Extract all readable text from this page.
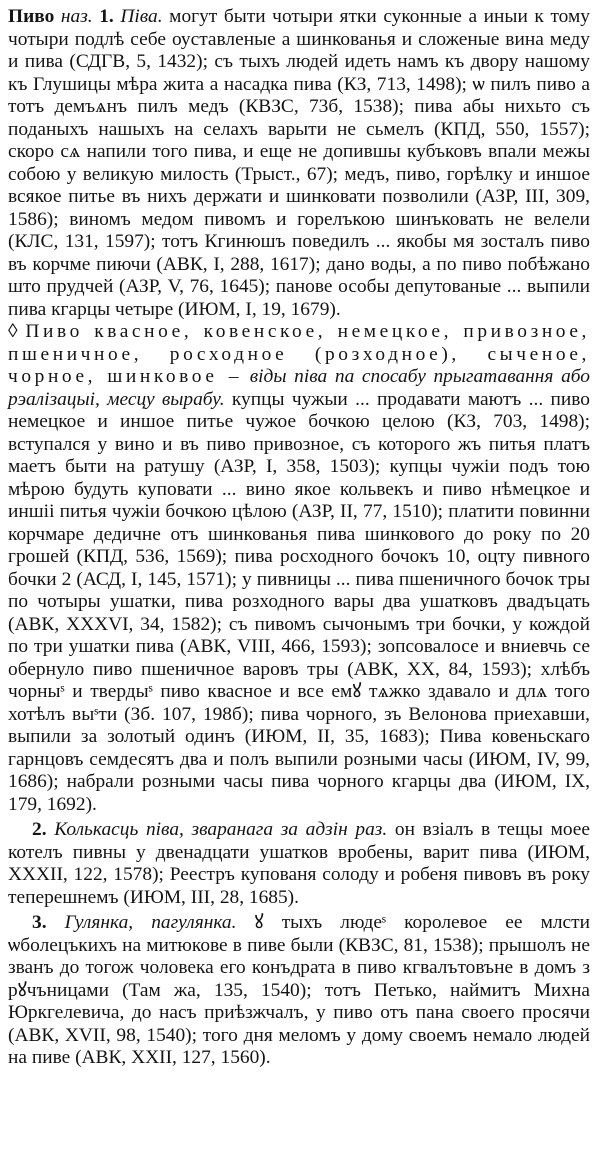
Пиво наз. 1. Піва. могут быти чотыри ятки суконные а иныи к тому чотыри подлѣ себе оуставленые а шинкованья и сложеные вина меду и пива (СДГВ, 5, 1432); съ тыхъ людей идеть намъ къ двору нашому къ Глушицы мѣра жита а насадка пива (КЗ, 713, 1498); ѡ пилъ пиво а тотъ демъѧнъ пилъ медъ (КВЗС, 73б, 1538); пива абы нихьто съ поданыхъ нашыхъ на селахъ варыти не сьмелъ (КПД, 550, 1557); скоро сѧ напили того пива, и еще не допившы кубъковъ впали межы собою у великую милость (Трыст., 67); медъ, пиво, горѣлку и иншое всякое питье въ нихъ держати и шинковати позволили (АЗР, III, 309, 1586); виномъ медом пивомъ и горелъкою шинъковать не велели (КЛС, 131, 1597); тотъ Кгинюшъ поведилъ ... якобы мя зосталъ пиво въ корчме пиючи (АВК, I, 288, 1617); дано воды, а по пиво побѣжано што прудчей (АЗР, V, 76, 1645); панове особы депутованые ... выпили пива кгарцы четыре (ИЮМ, I, 19, 1679).

◊ Пиво квасное, ковенское, немецкое, привозное, пшеничное, росходное (розходное), сыченое, чорное, шинковое – віды піва па спосабу прыгатавання або рэалізацыі, месцу вырабу. купцы чужыи ... продавати маютъ ... пиво немецкое и иншое питье чужое бочкою целою (КЗ, 703, 1498); вступался у вино и въ пиво привозное, съ которого жъ питья платъ маетъ быти на ратушу (АЗР, I, 358, 1503); купцы чужiи подъ тою мѣрою будуть куповати ... вино якое кольвекъ и пиво нѣмецкое и иншii питья чужiи бочкою цѣлою (АЗР, II, 77, 1510); платити повинни корчмаре дедичне отъ шинкованья пива шинкового до року по 20 грошей (КПД, 536, 1569); пива росходного бочокъ 10, оцту пивного бочки 2 (АСД, I, 145, 1571); у пивницы ... пива пшеничного бочок тры по чотыры ушатки, пива розходного вары два ушатковъ двадъцать (АВК, XXXVI, 34, 1582); съ пивомъ сычонымъ три бочки, у кождой по три ушатки пива (АВК, VIII, 466, 1593); зопсовалосе и вниевчь се обернуло пиво пшеничное варовъ тры (АВК, XX, 84, 1593); хлѣбъ чорныˢ и твердыˢ пиво квасное и все емꙋ тѧжко здавало и длѧ того хотѣлъ выˢти (Зб. 107, 198б); пива чорного, зъ Велонова приехавши, выпили за золотый одинъ (ИЮМ, II, 35, 1683); Пива ковеньскаго гарнцовъ семдесятъ два и полъ выпили розными часы (ИЮМ, IV, 99, 1686); набрали розными часы пива чорного кгарцы два (ИЮМ, IX, 179, 1692).

2. Колькасць піва, зваранага за адзін раз. он взiалъ в тещы моее котелъ пивны у двенадцати ушатков вробены, варит пива (ИЮМ, XXXII, 122, 1578); Реестръ купованя солоду и робеня пивовъ въ року теперешнемъ (ИЮМ, III, 28, 1685).

3. Гулянка, пагулянка. ꙋ тыхъ людеˢ королевое ее млсти ѡболецъкихъ на митюкове в пиве были (КВЗС, 81, 1538); прышолъ не званъ до тогож чоловека его конъдрата в пиво кгвалътовъне в домъ з рꙋчъницами (Там жа, 135, 1540); тотъ Петько, наймитъ Михна Юркгелевича, до насъ приѣзжчалъ, у пиво отъ пана своего просячи (АВК, XVII, 98, 1540); того дня меломъ у дому своемъ немало людей на пиве (АВК, XXII, 127, 1560).
